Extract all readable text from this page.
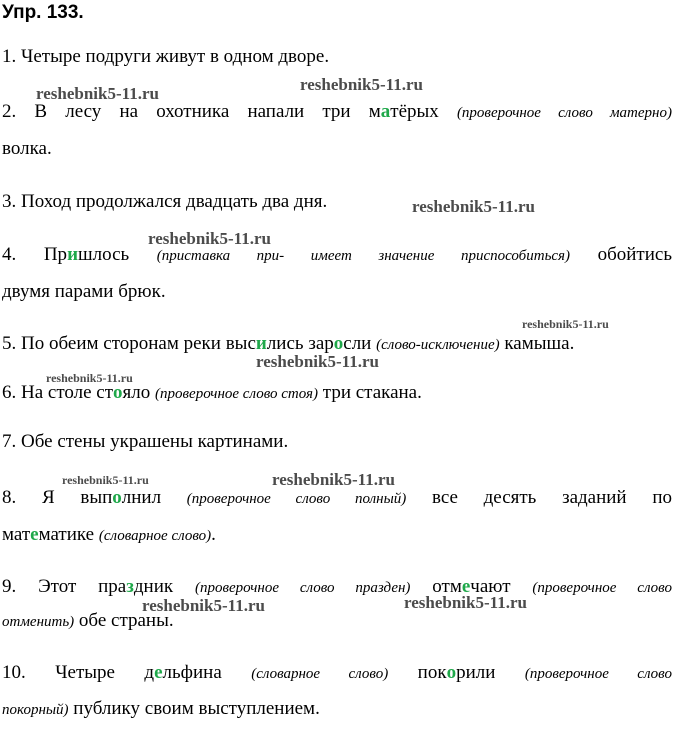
Упр. 133.
1. Четыре подруги живут в одном дворе.
2. В лесу на охотника напали три матёрых (проверочное слово матерно)
волка.
3. Поход продолжался двадцать два дня.
4. Пришлось (приставка при- имеет значение приспособиться) обойтись
двумя парами брюк.
5. По обеим сторонам реки высились заросли (слово-исключение) камыша.
6. На столе стояло (проверочное слово стоя) три стакана.
7. Обе стены украшены картинами.
8. Я выполнил (проверочное слово полный) все десять заданий по
математике (словарное слово).
9. Этот праздник (проверочное слово празден) отмечают (проверочное слово
отменить) обе страны.
10. Четыре дельфина (словарное слово) покорили (проверочное слово
покорный) публику своим выступлением.
reshebnik5-11.ru	reshebnik5-11.ru
reshebnik5-11.ru
reshebnik5-11.ru
reshebnik5-11.ru
reshebnik5-11.ru
reshebnik5-11.ru
reshebnik5-11.ru	reshebnik5-11.ru
reshebnik5-11.ru	reshebnik5-11.ru
